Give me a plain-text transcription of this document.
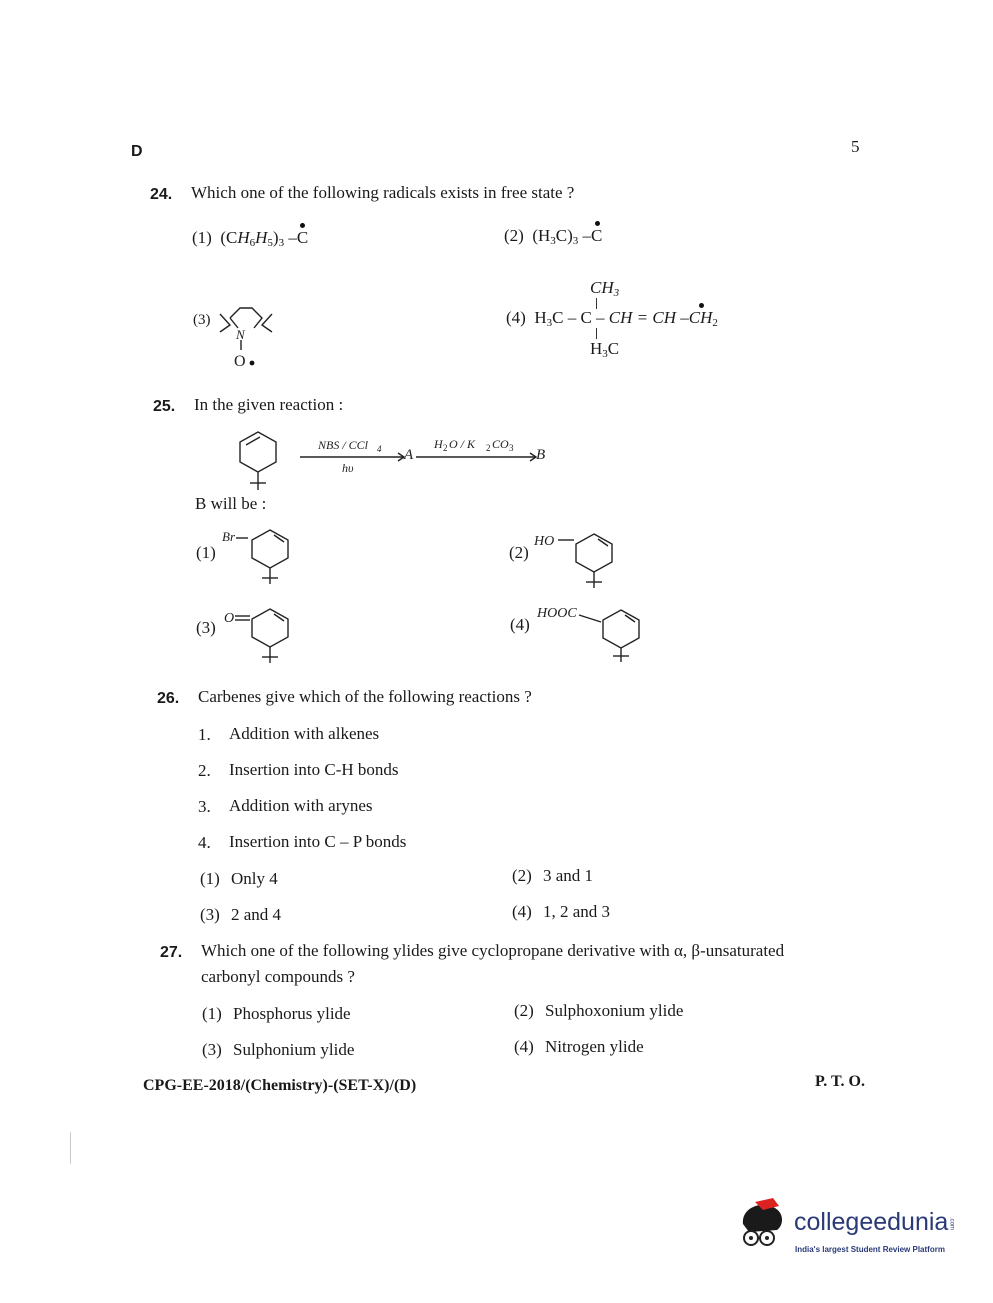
D	5
24. Which one of the following radicals exists in free state ?
(1) $(CH_6H_5)_3$ –C	(2) $(H_3C)_3$ –C
(3)
N
O
$CH_3$
(4) $H_3C$ – C – CH = CH $-CH_2$
$H_3C$
25. In the given reaction :
NBS / CCl 4
hυ
A
H 2 O / K 2 CO 3 B
B will be :
(1)
Br
(2)
HO
(3) O	(4)
HOOC
26. Carbenes give which of the following reactions ?
1. Addition with alkenes
2. Insertion into C-H bonds
3. Addition with arynes
4. Insertion into C – P bonds
(1) Only 4	(2) 3 and 1
(3) 2 and 4	(4) 1, 2 and 3
27. Which one of the following ylides give cyclopropane derivative with α, β-unsaturated
carbonyl compounds ?
(1) Phosphorus ylide	(2) Sulphoxonium ylide
(3) Sulphonium ylide	(4) Nitrogen ylide
CPG-EE-2018/(Chemistry)-(SET-X)/(D)	P. T. O.
collegeedunia.com
India's largest Student Review Platform
